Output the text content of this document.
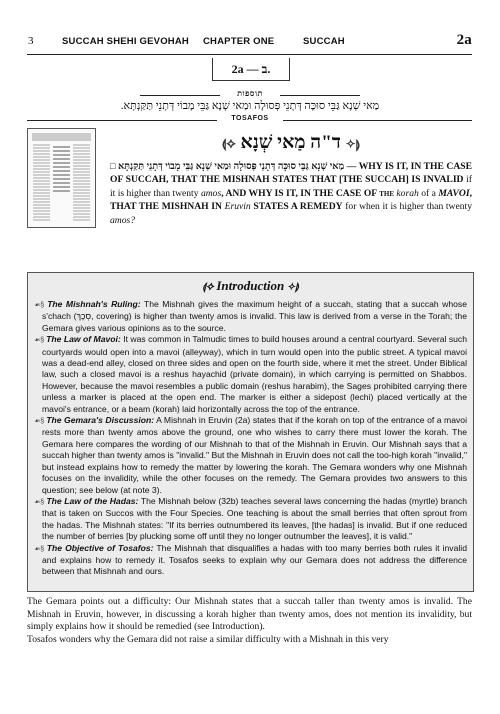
3	SUCCAH SHEHI GEVOHAH CHAPTER ONE	SUCCAH	2a
2a — ב.
תוספות
מַאי שְׁנָא גַּבֵּי סוּכָּה דְּתָנֵי פְּסוּלָה וּמַאי שְׁנָא גַּבֵּי מָבוֹי דְּתָנֵי תַּקַּנְתָּא.
TOSAFOS
⟬✧ ד"ה מַאי שְׁנָא ✧⟭
□ מַאי שְׁנָא גַּבֵּי סוּכָּה דְּתָנֵי פְּסוּלָה וּמַאי שְׁנָא גַּבֵּי מָבוֹי דְּתָנֵי תַּקַּנְתָּא — WHY IS IT, IN THE CASE OF SUCCAH, THAT THE MISHNAH STATES THAT [THE SUCCAH] IS INVALID if it is higher than twenty amos, AND WHY IS IT, IN THE CASE OF the korah of a MAVOI, THAT THE MISHNAH IN Eruvin STATES A REMEDY for when it is higher than twenty amos?
⟬✧ Introduction ✧⟭

☙§ The Mishnah's Ruling: The Mishnah gives the maximum height of a succah, stating that a succah whose s'chach (סְכָךְ, covering) is higher than twenty amos is invalid. This law is derived from a verse in the Torah; the Gemara gives various opinions as to the source.

☙§ The Law of Mavoi: It was common in Talmudic times to build houses around a central courtyard. Several such courtyards would open into a mavoi (alleyway), which in turn would open into the public street. A typical mavoi was a dead-end alley, closed on three sides and open on the fourth side, where it met the street. Under Biblical law, such a closed mavoi is a reshus hayachid (private domain), in which carrying is permitted on Shabbos. However, because the mavoi resembles a public domain (reshus harabim), the Sages prohibited carrying there unless a marker is placed at the open end. The marker is either a sidepost (lechi) placed vertically at the mavoi's entrance, or a beam (korah) laid horizontally across the top of the entrance.

☙§ The Gemara's Discussion: A Mishnah in Eruvin (2a) states that if the korah on top of the entrance of a mavoi rests more than twenty amos above the ground, one who wishes to carry there must lower the korah. The Gemara here compares the wording of our Mishnah to that of the Mishnah in Eruvin. Our Mishnah says that a succah higher than twenty amos is "invalid." But the Mishnah in Eruvin does not call the too-high korah "invalid," but instead explains how to remedy the matter by lowering the korah. The Gemara wonders why one Mishnah focuses on the invalidity, while the other focuses on the remedy. The Gemara provides two answers to this question; see below (at note 3).

☙§ The Law of the Hadas: The Mishnah below (32b) teaches several laws concerning the hadas (myrtle) branch that is taken on Succos with the Four Species. One teaching is about the small berries that often sprout from the hadas. The Mishnah states: "If its berries outnumbered its leaves, [the hadas] is invalid. But if one reduced the number of berries [by plucking some off until they no longer outnumber the leaves], it is valid."

☙§ The Objective of Tosafos: The Mishnah that disqualifies a hadas with too many berries both rules it invalid and explains how to remedy it. Tosafos seeks to explain why our Gemara does not address the difference between that Mishnah and ours.

The Gemara points out a difficulty: Our Mishnah states that a succah taller than twenty amos is invalid. The Mishnah in Eruvin, however, in discussing a korah higher than twenty amos, does not mention its invalidity, but simply explains how it should be remedied (see Introduction).

Tosafos wonders why the Gemara did not raise a similar difficulty with a Mishnah in this very
